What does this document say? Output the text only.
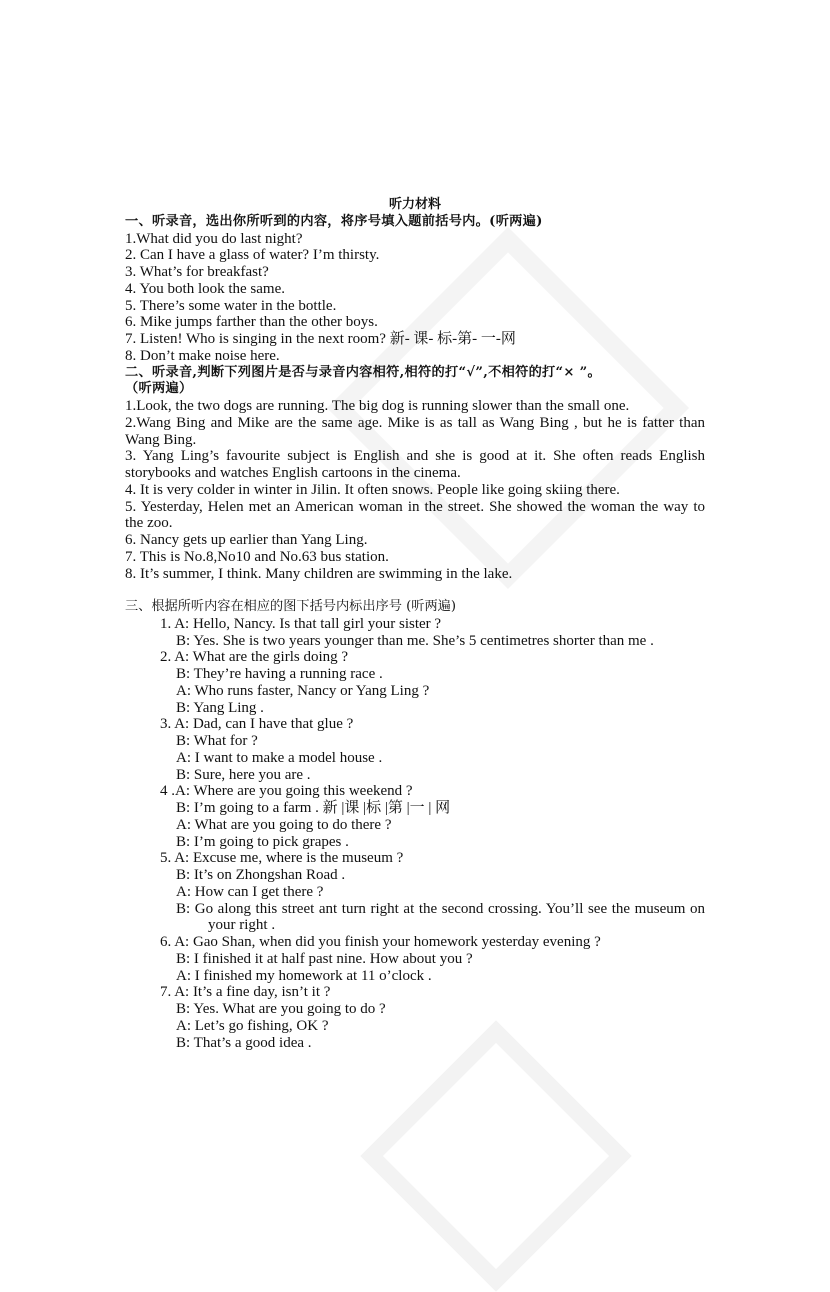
听力材料
一、听录音，选出你所听到的内容，将序号填入题前括号内。(听两遍)
1.What did you do last night?
2. Can I have a glass of water? I’m thirsty.
3. What’s for breakfast?
4. You both look the same.
5. There’s some water in the bottle.
6. Mike jumps farther than the other boys.
7. Listen! Who is singing in the next room? 新- 课- 标-第- 一-网
8. Don’t make noise here.
二、听录音,判断下列图片是否与录音内容相符,相符的打“√”,不相符的打“× ”。
（听两遍）
1.Look, the two dogs are running. The big dog is running slower than the small one.
2.Wang Bing and Mike are the same age. Mike is as tall as Wang Bing , but he is fatter than Wang Bing.
3. Yang Ling’s favourite subject is English and she is good at it. She often reads English storybooks and watches English cartoons in the cinema.
4. It is very colder in winter in Jilin. It often snows. People like going skiing there.
5. Yesterday, Helen met an American woman in the street. She showed the woman the way to the zoo.
6. Nancy gets up earlier than Yang Ling.
7. This is No.8,No10 and No.63 bus station.
8. It’s summer, I think. Many children are swimming in the lake.
三、根据所听内容在相应的图下括号内标出序号 (听两遍)
1. A: Hello, Nancy. Is that tall girl your sister ?
B: Yes. She is two years younger than me. She’s 5 centimetres shorter than me .
2. A: What are the girls doing ?
B: They’re having a running race .
A: Who runs faster, Nancy or Yang Ling ?
B: Yang Ling .
3. A: Dad, can I have that glue ?
B: What for ?
A: I want to make a model house .
B: Sure, here you are .
4 .A: Where are you going this weekend ?
B: I’m going to a farm . 新 |课 |标 |第 |一 | 网
A: What are you going to do there ?
B: I’m going to pick grapes .
5. A: Excuse me, where is the museum ?
B: It’s on Zhongshan Road .
A: How can I get there ?
B: Go along this street ant turn right at the second crossing. You’ll see the museum on your right .
6. A: Gao Shan, when did you finish your homework yesterday evening ?
B: I finished it at half past nine. How about you ?
A: I finished my homework at 11 o’clock .
7. A: It’s a fine day, isn’t it ?
B: Yes. What are you going to do ?
A: Let’s go fishing, OK ?
B: That’s a good idea .
